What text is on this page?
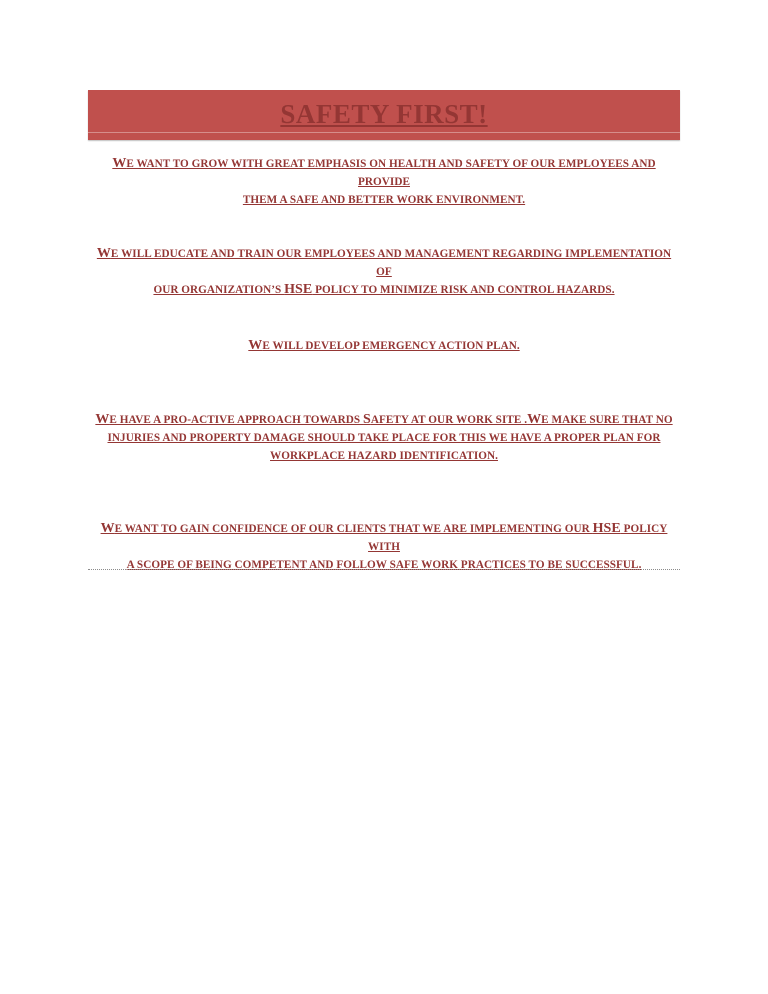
SAFETY FIRST!
WE WANT TO GROW WITH GREAT EMPHASIS ON HEALTH AND SAFETY OF OUR EMPLOYEES AND PROVIDE
THEM A SAFE AND BETTER WORK ENVIRONMENT.
WE WILL EDUCATE AND TRAIN OUR EMPLOYEES AND MANAGEMENT REGARDING IMPLEMENTATION OF
OUR ORGANIZATION’S HSE POLICY TO MINIMIZE RISK AND CONTROL HAZARDS.
WE WILL DEVELOP EMERGENCY ACTION PLAN.
WE HAVE A PRO-ACTIVE APPROACH TOWARDS SAFETY AT OUR WORK SITE .WE MAKE SURE THAT NO
INJURIES AND PROPERTY DAMAGE SHOULD TAKE PLACE FOR THIS WE HAVE A PROPER PLAN FOR
WORKPLACE HAZARD IDENTIFICATION.
WE WANT TO GAIN CONFIDENCE OF OUR CLIENTS THAT WE ARE IMPLEMENTING OUR HSE POLICY WITH
A SCOPE OF BEING COMPETENT AND FOLLOW SAFE WORK PRACTICES TO BE SUCCESSFUL.
